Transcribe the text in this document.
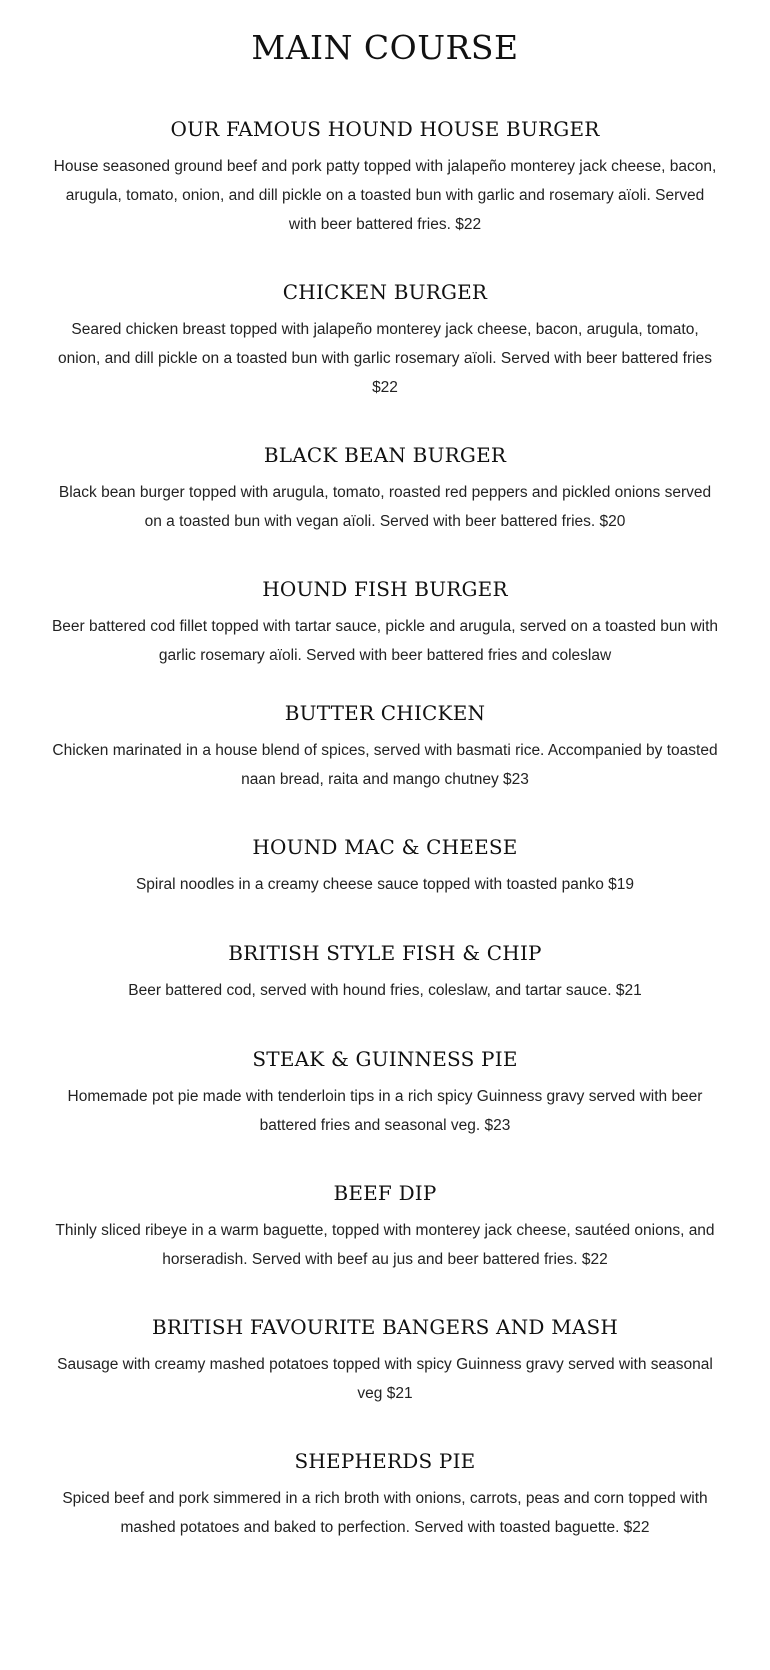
MAIN COURSE
OUR FAMOUS HOUND HOUSE BURGER

House seasoned ground beef and pork patty topped with jalapeño monterey jack cheese, bacon, arugula, tomato, onion, and dill pickle on a toasted bun with garlic and rosemary aïoli. Served with beer battered fries. $22

CHICKEN BURGER

Seared chicken breast topped with jalapeño monterey jack cheese, bacon, arugula, tomato, onion, and dill pickle on a toasted bun with garlic rosemary aïoli. Served with beer battered fries $22

BLACK BEAN BURGER

Black bean burger topped with arugula, tomato, roasted red peppers and pickled onions served on a toasted bun with vegan aïoli. Served with beer battered fries. $20

HOUND FISH BURGER

Beer battered cod fillet topped with tartar sauce, pickle and arugula, served on a toasted bun with garlic rosemary aïoli. Served with beer battered fries and coleslaw

BUTTER CHICKEN

Chicken marinated in a house blend of spices, served with basmati rice. Accompanied by toasted naan bread, raita and mango chutney $23

HOUND MAC & CHEESE

Spiral noodles in a creamy cheese sauce topped with toasted panko $19

BRITISH STYLE FISH & CHIP

Beer battered cod, served with hound fries, coleslaw, and tartar sauce. $21

STEAK & GUINNESS PIE

Homemade pot pie made with tenderloin tips in a rich spicy Guinness gravy served with beer battered fries and seasonal veg. $23

BEEF DIP

Thinly sliced ribeye in a warm baguette, topped with monterey jack cheese, sautéed onions, and horseradish. Served with beef au jus and beer battered fries. $22

BRITISH FAVOURITE BANGERS AND MASH

Sausage with creamy mashed potatoes topped with spicy Guinness gravy served with seasonal veg $21

SHEPHERDS PIE

Spiced beef and pork simmered in a rich broth with onions, carrots, peas and corn topped with mashed potatoes and baked to perfection. Served with toasted baguette. $22
